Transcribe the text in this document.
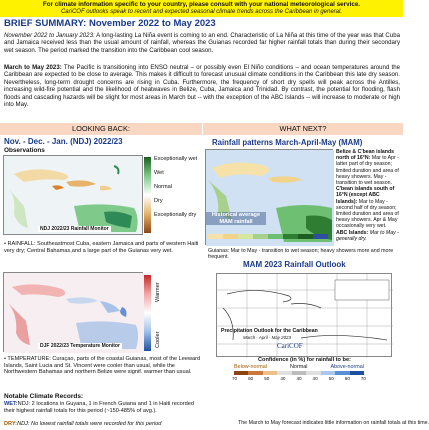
For climate information specific to your country, please consult with your national meteorological service.
CariCOF outlooks speak to recent and expected seasonal climate trends across the Caribbean in general.
BRIEF SUMMARY: November 2022 to May 2023
November 2022 to January 2023: A long-lasting La Niña event is coming to an end. Characteristic of La Niña at this time of the year was that Cuba and Jamaica received less than the usual amount of rainfall, whereas the Guianas recorded far higher rainfall totals than during their secondary wet season. The period marked the transition into the Caribbean cool season.
March to May 2023: The Pacific is transitioning into ENSO neutral – or possibly even El Niño conditions – and ocean temperatures around the Caribbean are expected to be close to average. This makes it difficult to forecast unusual climate conditions in the Caribbean this late dry season. Nevertheless, long-term drought concerns are rising in Cuba. Furthermore, the frequency of short dry spells will peak across the Antilles, increasing wild-fire potential and the likelihood of heatwaves in Belize, Cuba, Jamaica and Trinidad. By contrast, the potential for flooding, flash floods and cascading hazards will be slight for most areas in March but -- with the exception of the ABC Islands -- will increase to moderate or high into May.
LOOKING BACK:	WHAT NEXT?
Nov. - Dec. - Jan. (NDJ) 2022/23
Observations
NDJ 2022/23 Rainfall Monitor
Exceptionally wet
Wet
Normal
Dry
Exceptionally dry
• RAINFALL: Southeastmost Cuba, eastern Jamaica and parts of western Haiti very dry; Central Bahamas,and a large part of the Guianas very wet.
DJF 2022/23 Temperature Monitor
Warmer
Cooler
• TEMPERATURE: Curaçao, parts of the coastal Guianas, most of the Leeward Islands, Saint Lucia and St. Vincent were cooler than usual, while the Northwestern Bahamas and northern Belize were signif. warmer than usual.
Notable Climate Records:
WET:NDJ: 2 locations in Guyana, 1 in French Guiana and 1 in Haiti recorded their highest rainfall totals for this period (~150-485% of avg.).
DRY:NDJ: No lowest rainfall totals were recorded for this period
Rainfall patterns March-April-May (MAM)
Historical average MAM rainfall
Belize & C'bean islands north of 16°N: Mar to Apr - latter part of dry season; limited duration and area of heavy showers. May - transition to wet season.
C'bean islands south of 16°N (except ABC Islands): Mar to May - second half of dry season; limited duration and area of heavy showers. Apr & May occasionally very wet.
ABC Islands: Mar to May - generally dry.
Guianas: Mar to May - transition to wet season; heavy showers more and more frequent.
MAM 2023 Rainfall Outlook
Precipitation Outlook for the Caribbean
March - April - May 2023
CariCOF
Confidence (in %) for rainfall to be:
Below-normal	Normal	Above-normal
70 60 50 40 40 40 50 60 70
The March to May forecast indicates little information on rainfall totals at this time.
